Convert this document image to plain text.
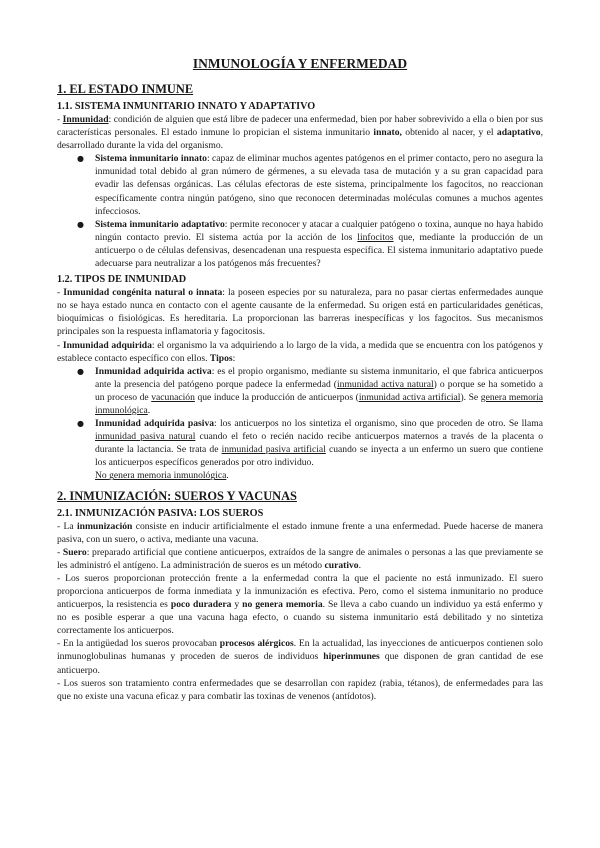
INMUNOLOGÍA Y ENFERMEDAD
1. EL ESTADO INMUNE
1.1. SISTEMA INMUNITARIO INNATO Y ADAPTATIVO

- Inmunidad: condición de alguien que está libre de padecer una enfermedad, bien por haber sobrevivido a ella o bien por sus características personales. El estado inmune lo propician el sistema inmunitario innato, obtenido al nacer, y el adaptativo, desarrollado durante la vida del organismo.

● Sistema inmunitario innato: capaz de eliminar muchos agentes patógenos en el primer contacto, pero no asegura la inmunidad total debido al gran número de gérmenes, a su elevada tasa de mutación y a su gran capacidad para evadir las defensas orgánicas. Las células efectoras de este sistema, principalmente los fagocitos, no reaccionan específicamente contra ningún patógeno, sino que reconocen determinadas moléculas comunes a muchos agentes infecciosos.
● Sistema inmunitario adaptativo: permite reconocer y atacar a cualquier patógeno o toxina, aunque no haya habido ningún contacto previo. El sistema actúa por la acción de los linfocitos que, mediante la producción de un anticuerpo o de células defensivas, desencadenan una respuesta específica. El sistema inmunitario adaptativo puede adecuarse para neutralizar a los patógenos más frecuentes?
1.2. TIPOS DE INMUNIDAD

- Inmunidad congénita natural o innata: la poseen especies por su naturaleza, para no pasar ciertas enfermedades aunque no se haya estado nunca en contacto con el agente causante de la enfermedad. Su origen está en particularidades genéticas, bioquímicas o fisiológicas. Es hereditaria. La proporcionan las barreras inespecíficas y los fagocitos. Sus mecanismos principales son la respuesta inflamatoria y fagocitosis.

- Inmunidad adquirida: el organismo la va adquiriendo a lo largo de la vida, a medida que se encuentra con los patógenos y establece contacto específico con ellos. Tipos:

● Inmunidad adquirida activa: es el propio organismo, mediante su sistema inmunitario, el que fabrica anticuerpos ante la presencia del patógeno porque padece la enfermedad (inmunidad activa natural) o porque se ha sometido a un proceso de vacunación que induce la producción de anticuerpos (inmunidad activa artificial). Se genera memoria inmunológica.
● Inmunidad adquirida pasiva: los anticuerpos no los sintetiza el organismo, sino que proceden de otro. Se llama inmunidad pasiva natural cuando el feto o recién nacido recibe anticuerpos maternos a través de la placenta o durante la lactancia. Se trata de inmunidad pasiva artificial cuando se inyecta a un enfermo un suero que contiene los anticuerpos específicos generados por otro individuo.
No genera memoria inmunológica.
2. INMUNIZACIÓN: SUEROS Y VACUNAS
2.1. INMUNIZACIÓN PASIVA: LOS SUEROS

- La inmunización consiste en inducir artificialmente el estado inmune frente a una enfermedad. Puede hacerse de manera pasiva, con un suero, o activa, mediante una vacuna.

- Suero: preparado artificial que contiene anticuerpos, extraídos de la sangre de animales o personas a las que previamente se les administró el antígeno. La administración de sueros es un método curativo.

- Los sueros proporcionan protección frente a la enfermedad contra la que el paciente no está inmunizado. El suero proporciona anticuerpos de forma inmediata y la inmunización es efectiva. Pero, como el sistema inmunitario no produce anticuerpos, la resistencia es poco duradera y no genera memoria. Se lleva a cabo cuando un individuo ya está enfermo y no es posible esperar a que una vacuna haga efecto, o cuando su sistema inmunitario está debilitado y no sintetiza correctamente los anticuerpos.

- En la antigüedad los sueros provocaban procesos alérgicos. En la actualidad, las inyecciones de anticuerpos contienen solo inmunoglobulinas humanas y proceden de sueros de individuos hiperinmunes que disponen de gran cantidad de ese anticuerpo.

- Los sueros son tratamiento contra enfermedades que se desarrollan con rapidez (rabia, tétanos), de enfermedades para las que no existe una vacuna eficaz y para combatir las toxinas de venenos (antídotos).
